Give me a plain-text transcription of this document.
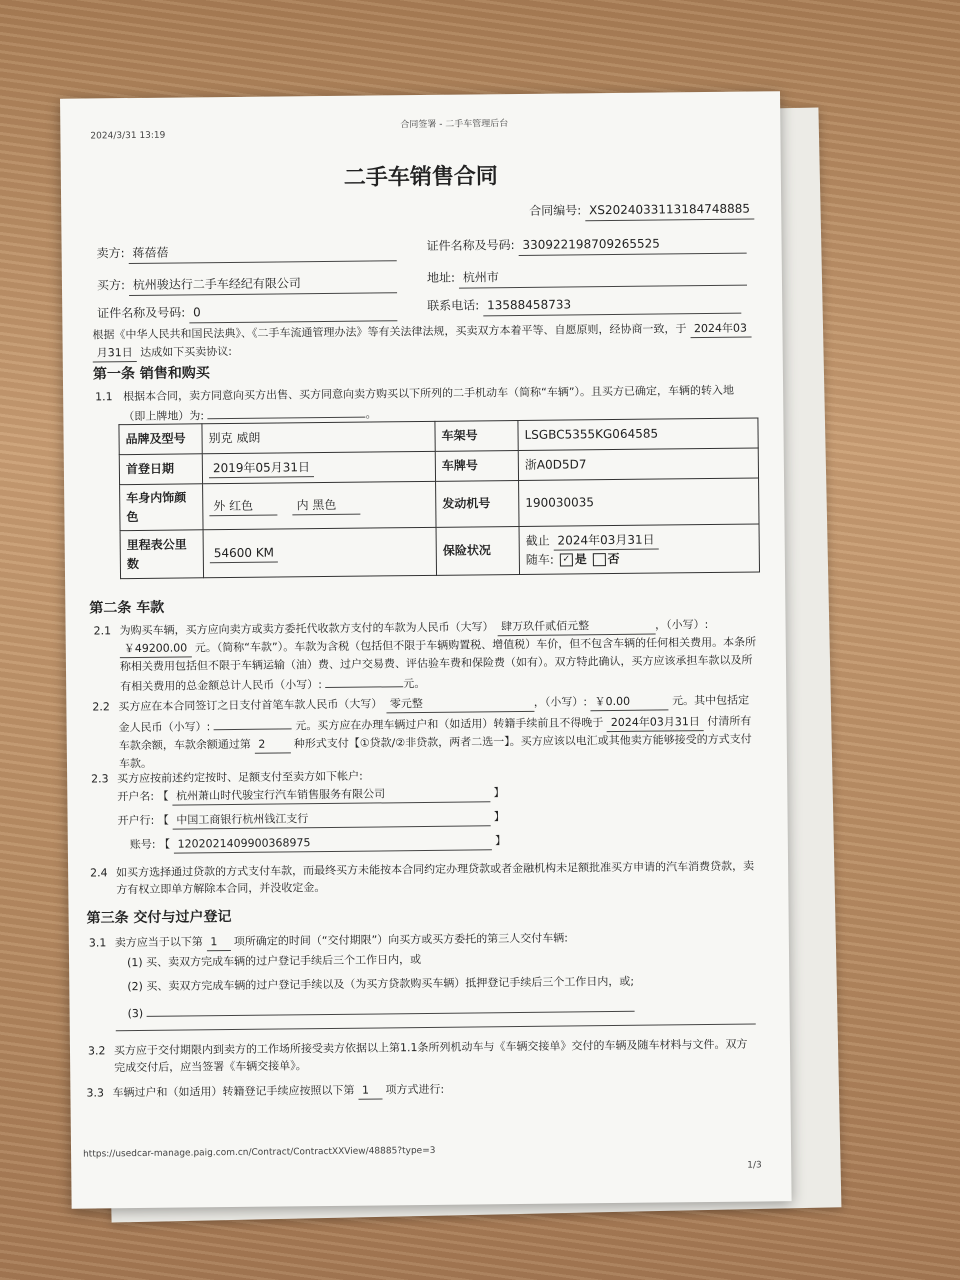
2024/3/31 13:19
合同签署 - 二手车管理后台
二手车销售合同
合同编号: XS2024033113184748885
卖方: 蒋蓓蓓	证件名称及号码: 330922198709265525
买方: 杭州骏达行二手车经纪有限公司	地址: 杭州市
证件名称及号码: 0	联系电话: 13588458733
根据《中华人民共和国民法典》、《二手车流通管理办法》等有关法律法规，买卖双方本着平等、自愿原则，经协商一致，于 2024年03 月31日 达成如下买卖协议:
第一条 销售和购买
1.1 根据本合同，卖方同意向买方出售、买方同意向卖方购买以下所列的二手机动车（简称“车辆”）。且买方已确定，车辆的转入地（即上牌地）为:	。
品牌及型号	别克 威朗	车架号	LSGBC5355KG064585
首登日期	2019年05月31日	车牌号	浙A0D5D7
车身内饰颜色	外 红色 内 黑色	发动机号	190030035
里程表公里数	54600 KM	保险状况	截止 2024年03月31日
随车: ✓ 是 否
第二条 车款
2.1 为购买车辆，买方应向卖方或卖方委托代收款方支付的车款为人民币（大写） 肆万玖仟贰佰元整	，（小写）: ￥49200.00 元。（简称“车款”）。车款为含税（包括但不限于车辆购置税、增值税）车价，但不包含车辆的任何相关费用。本条所称相关费用包括但不限于车辆运输（油）费、过户交易费、评估验车费和保险费（如有）。双方特此确认，买方应该承担车款以及所有相关费用的总金额总计人民币（小写）:	元。
2.2 买方应在本合同签订之日支付首笔车款人民币（大写） 零元整	，（小写）: ￥0.00	元。其中包括定金人民币（小写）:	元。买方应在办理车辆过户和（如适用）转籍手续前且不得晚于 2024年03月31日 付清所有车款余额，车款余额通过第 2	种形式支付【①贷款/②非贷款，两者二选一】。买方应该以电汇或其他卖方能够接受的方式支付车款。
2.3 买方应按前述约定按时、足额支付至卖方如下帐户:
开户名: 【 杭州萧山时代骏宝行汽车销售服务有限公司	】
开户行: 【 中国工商银行杭州钱江支行	】
账号: 【 1202021409900368975	】
2.4 如买方选择通过贷款的方式支付车款，而最终买方未能按本合同约定办理贷款或者金融机构未足额批准买方申请的汽车消费贷款，卖方有权立即单方解除本合同，并没收定金。
第三条 交付与过户登记
3.1 卖方应当于以下第 1 项所确定的时间（“交付期限”）向买方或买方委托的第三人交付车辆:
(1) 买、卖双方完成车辆的过户登记手续后三个工作日内，或
(2) 买、卖双方完成车辆的过户登记手续以及（为买方贷款购买车辆）抵押登记手续后三个工作日内，或;
(3)
3.2 买方应于交付期限内到卖方的工作场所接受卖方依据以上第1.1条所列机动车与《车辆交接单》交付的车辆及随车材料与文件。双方完成交付后，应当签署《车辆交接单》。
3.3 车辆过户和（如适用）转籍登记手续应按照以下第 1 项方式进行:
https://usedcar-manage.paig.com.cn/Contract/ContractXXView/48885?type=3
1/3
